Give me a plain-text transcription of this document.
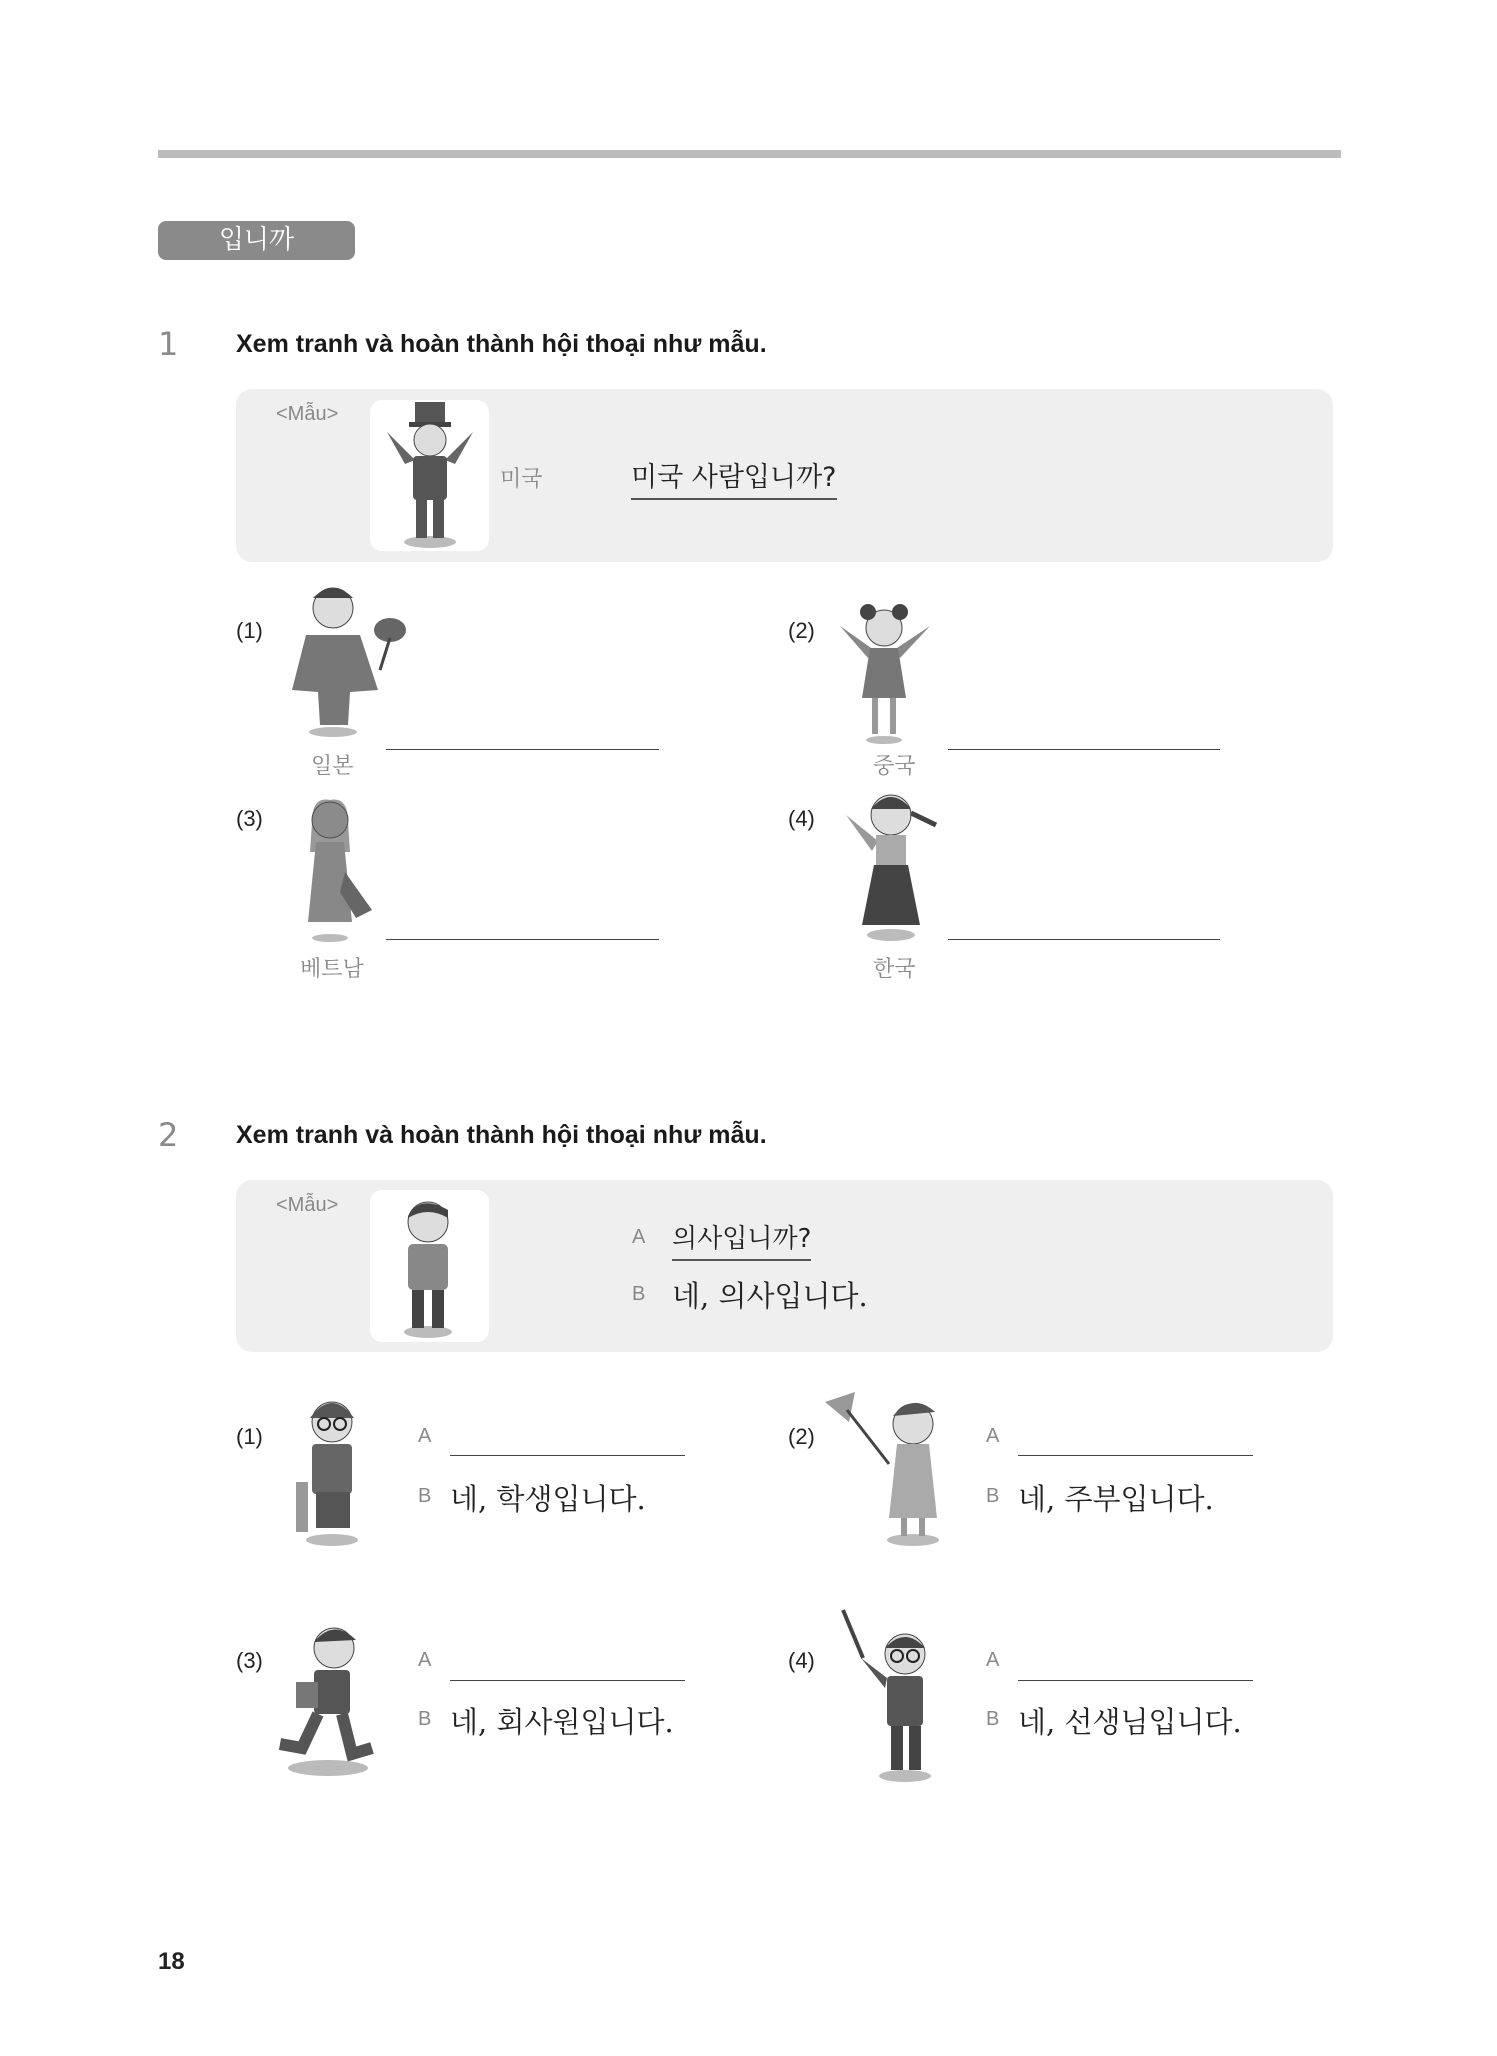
입니까
1 Xem tranh và hoàn thành hội thoại như mẫu.
<Mẫu>
미국	미국 사람입니까?
(1)
일본
(2)
중국
(3)
베트남
(4)
한국
2 Xem tranh và hoàn thành hội thoại như mẫu.
<Mẫu>
A 의사입니까?
B 네, 의사입니다.
(1)	A
B 네, 학생입니다.
(2)	A
B 네, 주부입니다.
(3)	A
B 네, 회사원입니다.
(4)	A
B 네, 선생님입니다.
18
